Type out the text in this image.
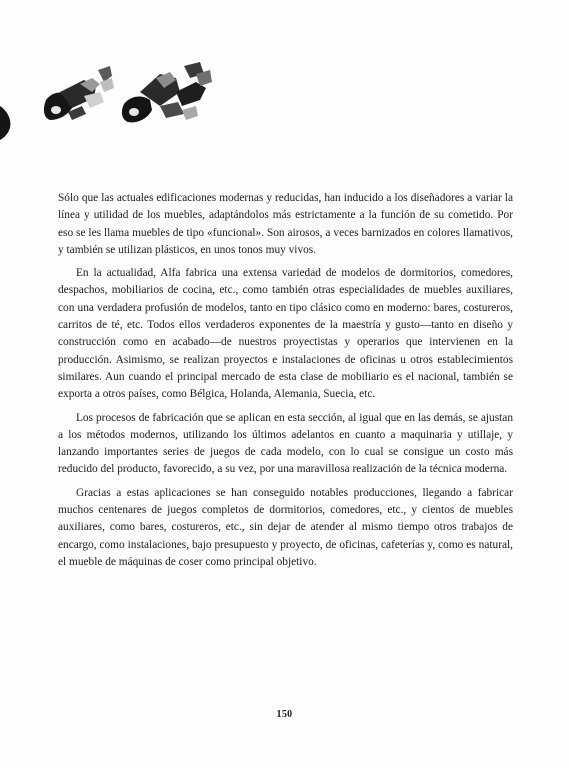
Sólo que las actuales edificaciones modernas y reducidas, han inducido a los diseñadores a variar la línea y utilidad de los muebles, adaptándolos más estrictamente a la función de su cometido. Por eso se les llama muebles de tipo «funcional». Son airosos, a veces barnizados en colores llamativos, y también se utilizan plásticos, en unos tonos muy vivos.

En la actualidad, Alfa fabrica una extensa variedad de modelos de dormitorios, comedores, despachos, mobiliarios de cocina, etc., como también otras especialidades de muebles auxiliares, con una verdadera profusión de modelos, tanto en tipo clásico como en moderno: bares, costureros, carritos de té, etc. Todos ellos verdaderos exponentes de la maestría y gusto—tanto en diseño y construcción como en acabado—de nuestros proyectistas y operarios que intervienen en la producción. Asimismo, se realizan proyectos e instalaciones de oficinas u otros establecimientos similares. Aun cuando el principal mercado de esta clase de mobiliario es el nacional, también se exporta a otros países, como Bélgica, Holanda, Alemania, Suecia, etc.

Los procesos de fabricación que se aplican en esta sección, al igual que en las demás, se ajustan a los métodos modernos, utilizando los últimos adelantos en cuanto a maquinaria y utillaje, y lanzando importantes series de juegos de cada modelo, con lo cual se consigue un costo más reducido del producto, favorecido, a su vez, por una maravillosa realización de la técnica moderna.

Gracias a estas aplicaciones se han conseguido notables producciones, llegando a fabricar muchos centenares de juegos completos de dormitorios, comedores, etc., y cientos de muebles auxiliares, como bares, costureros, etc., sin dejar de atender al mismo tiempo otros trabajos de encargo, como instalaciones, bajo presupuesto y proyecto, de oficinas, cafeterías y, como es natural, el mueble de máquinas de coser como principal objetivo.

150
